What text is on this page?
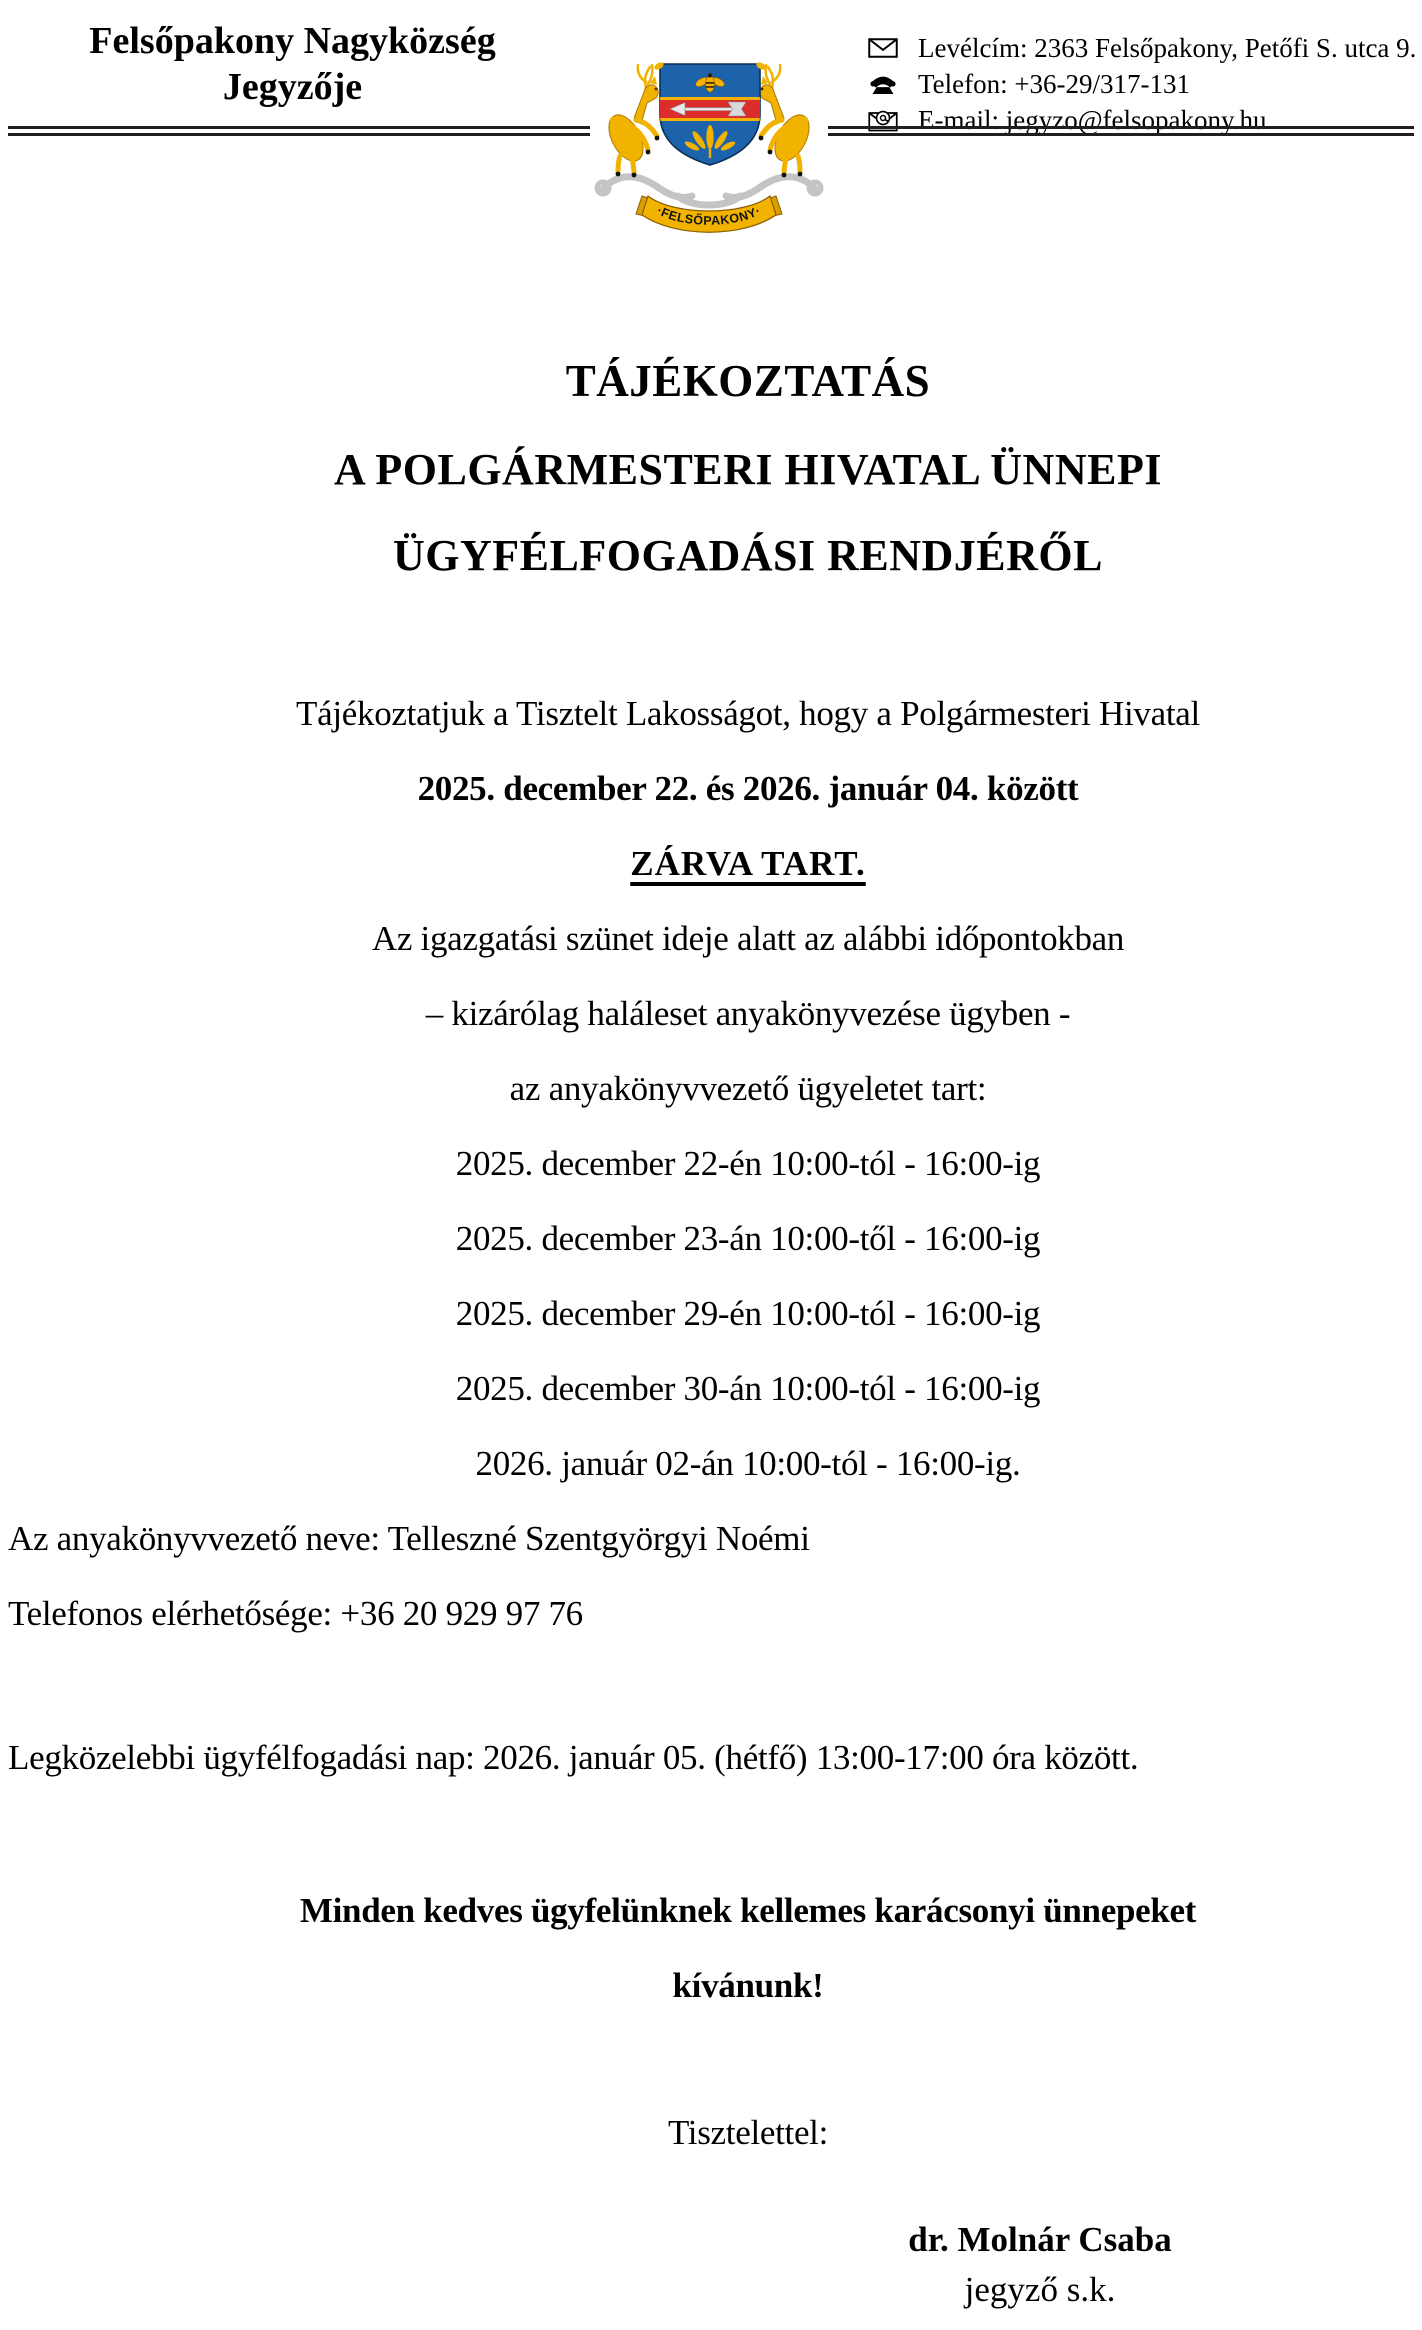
Felsőpakony Nagyközség
Jegyzője
Levélcím: 2363 Felsőpakony, Petőfi S. utca 9.
Telefon: +36-29/317-131
E-mail: jegyzo@felsopakony.hu
·FELSŐPAKONY·

TÁJÉKOZTATÁS

A POLGÁRMESTERI HIVATAL ÜNNEPI

ÜGYFÉLFOGADÁSI RENDJÉRŐL

Tájékoztatjuk a Tisztelt Lakosságot, hogy a Polgármesteri Hivatal

2025. december 22. és 2026. január 04. között

ZÁRVA TART.

Az igazgatási szünet ideje alatt az alábbi időpontokban

– kizárólag haláleset anyakönyvezése ügyben -

az anyakönyvvezető ügyeletet tart:

2025. december 22-én 10:00-tól - 16:00-ig

2025. december 23-án 10:00-től - 16:00-ig

2025. december 29-én 10:00-tól - 16:00-ig

2025. december 30-án 10:00-tól - 16:00-ig

2026. január 02-án 10:00-tól - 16:00-ig.

Az anyakönyvvezető neve: Telleszné Szentgyörgyi Noémi

Telefonos elérhetősége: +36 20 929 97 76

Legközelebbi ügyfélfogadási nap: 2026. január 05. (hétfő) 13:00-17:00 óra között.

Minden kedves ügyfelünknek kellemes karácsonyi ünnepeket

kívánunk!

Tisztelettel:

dr. Molnár Csaba
jegyző s.k.
